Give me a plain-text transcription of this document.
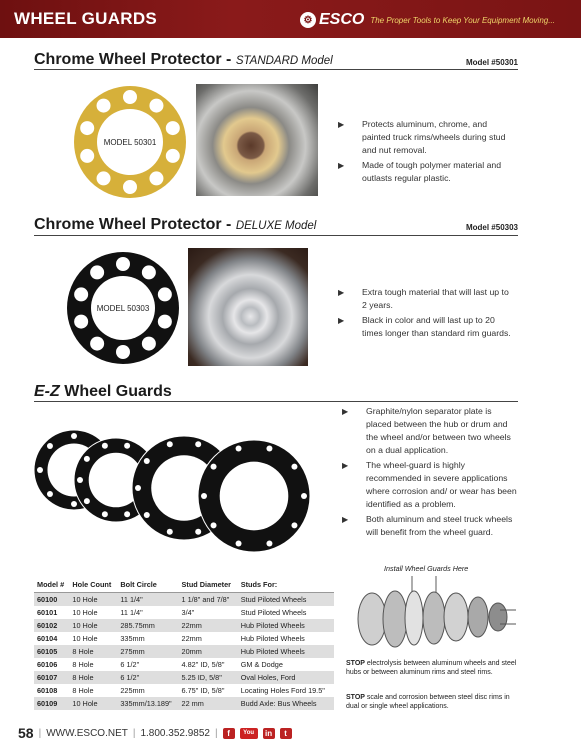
WHEEL GUARDS	⚙ ESCO The Proper Tools to Keep Your Equipment Moving...
Chrome Wheel Protector - STANDARD Model	Model #50301
MODEL 50301
▶	Protects aluminum, chrome, and painted truck rims/wheels during stud and nut removal.
▶	Made of tough polymer material and outlasts regular plastic.
Chrome Wheel Protector - DELUXE Model	Model #50303
MODEL 50303
▶	Extra tough material that will last up to 2 years.
▶	Black in color and will last up to 20 times longer than standard rim guards.
E-Z Wheel Guards
▶	Graphite/nylon separator plate is placed between the hub or drum and the wheel and/or between two wheels on a dual application.
▶	The wheel-guard is highly recommended in severe applications where corrosion and/ or wear has been identified as a problem.
▶	Both aluminum and steel truck wheels will benefit from the wheel guard.
Model #	Hole Count	Bolt Circle	Stud Diameter	Studs For:
60100	10 Hole	11 1/4"	1 1/8" and 7/8"	Stud Piloted Wheels
60101	10 Hole	11 1/4"	3/4"	Stud Piloted Wheels
60102	10 Hole	285.75mm	22mm	Hub Piloted Wheels
60104	10 Hole	335mm	22mm	Hub Piloted Wheels
60105	8 Hole	275mm	20mm	Hub Piloted Wheels
60106	8 Hole	6 1/2"	4.82" ID, 5/8"	GM & Dodge
60107	8 Hole	6 1/2"	5.25 ID, 5/8"	Oval Holes, Ford
60108	8 Hole	225mm	6.75" ID, 5/8"	Locating Holes Ford 19.5"
60109	10 Hole	335mm/13.189"	22 mm	Budd Axle: Bus Wheels
Install Wheel Guards Here
STOP electrolysis between aluminum wheels and steel hubs or between aluminum rims and steel rims.
STOP scale and corrosion between steel disc rims in dual or single wheel applications.
58 | WWW.ESCO.NET | 1.800.352.9852 |	f	You	in	t
